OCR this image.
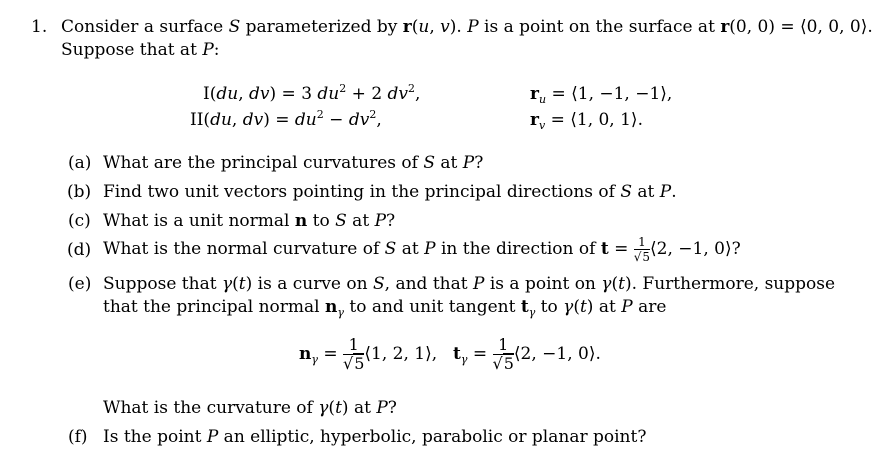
1. Consider a surface S parameterized by r(u, v). P is a point on the surface at r(0, 0) = ⟨0, 0, 0⟩.
Suppose that at P:
I(du, dv) = 3 $du^2 + 2$ $dv^2$,
II(du, $dv) = du^2 - dv^2$,
$r_u$ = ⟨1, −1, −1⟩,
$r_v$ = ⟨1, 0, 1⟩.
(a) What are the principal curvatures of S at P?
(b) Find two unit vectors pointing in the principal directions of S at P.
(c) What is a unit normal n to S at P?
(d) What is the normal curvature of S at P in the direction of $t = \frac{1}{√5}$ ⟨2, −1, 0⟩?
(e) Suppose that γ(t) is a curve on S, and that P is a point on γ(t). Furthermore, suppose
that the principal normal $n_\gamma$ to and unit tangent $t_\gamma$ to γ(t) at P are
$n_\gamma = \frac{1}{√5}$ ⟨1, 2, 1⟩, $t_\gamma = \frac{1}{√5}$ ⟨2, −1, 0⟩.
What is the curvature of γ(t) at P?
(f) Is the point P an elliptic, hyperbolic, parabolic or planar point?
